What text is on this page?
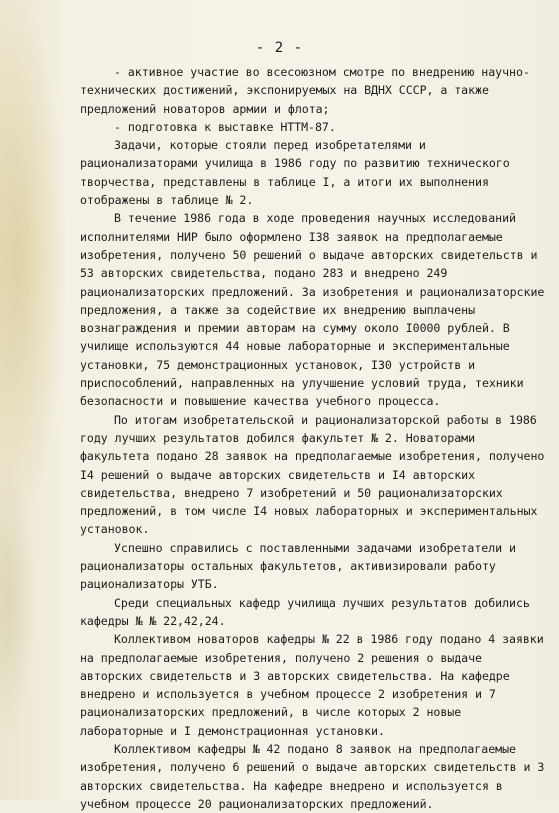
- 2 -

- активное участие во всесоюзном смотре по внедрению научно-технических достижений, экспонируемых на ВДНХ СССР, а также предложений новаторов армии и флота;

- подготовка к выставке НТТМ-87.

Задачи, которые стояли перед изобретателями и рационализаторами училища в 1986 году по развитию технического творчества, представлены в таблице I, а итоги их выполнения отображены в таблице № 2.

В течение 1986 года в ходе проведения научных исследований исполнителями НИР было оформлено I38 заявок на предполагаемые изобретения, получено 50 решений о выдаче авторских свидетельств и 53 авторских свидетельства, подано 283 и внедрено 249 рационализаторских предложений. За изобретения и рационализаторские предложения, а также за содействие их внедрению выплачены вознаграждения и премии авторам на сумму около I0000 рублей. В училище используются 44 новые лабораторные и экспериментальные установки, 75 демонстрационных установок, I30 устройств и приспособлений, направленных на улучшение условий труда, техники безопасности и повышение качества учебного процесса.

По итогам изобретательской и рационализаторской работы в 1986 году лучших результатов добился факультет № 2. Новаторами факультета подано 28 заявок на предполагаемые изобретения, получено I4 решений о выдаче авторских свидетельств и I4 авторских свидетельства, внедрено 7 изобретений и 50 рационализаторских предложений, в том числе I4 новых лабораторных и экспериментальных установок.

Успешно справились с поставленными задачами изобретатели и рационализаторы остальных факультетов, активизировали работу рационализаторы УТБ.

Среди специальных кафедр училища лучших результатов добились кафедры № № 22,42,24.

Коллективом новаторов кафедры № 22 в 1986 году подано 4 заявки на предполагаемые изобретения, получено 2 решения о выдаче авторских свидетельств и 3 авторских свидетельства. На кафедре внедрено и используется в учебном процессе 2 изобретения и 7 рационализаторских предложений, в числе которых 2 новые лабораторные и I демонстрационная установки.

Коллективом кафедры № 42 подано 8 заявок на предполагаемые изобретения, получено 6 решений о выдаче авторских свидетельств и 3 авторских свидетельства. На кафедре внедрено и используется в учебном процессе 20 рационализаторских предложений.
